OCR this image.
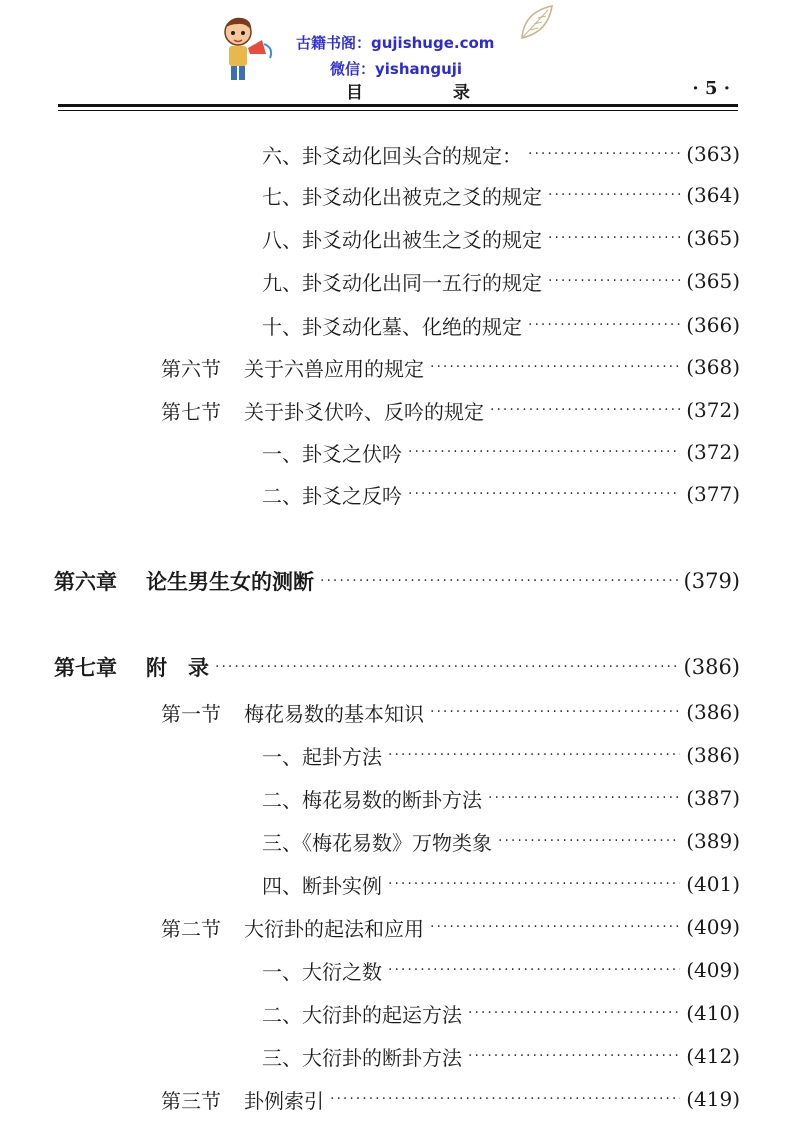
古籍书阁：gujishuge.com
微信：yishanguji
目 录	· 5 ·
六、卦爻动化回头合的规定： ·····	(363)
七、卦爻动化出被克之爻的规定 ·····	(364)
八、卦爻动化出被生之爻的规定 ·····	(365)
九、卦爻动化出同一五行的规定 ·····	(365)
十、卦爻动化墓、化绝的规定 ·····	(366)
第六节 关于六兽应用的规定 ·····	(368)
第七节 关于卦爻伏吟、反吟的规定 ·····	(372)
一、卦爻之伏吟 ·····	(372)
二、卦爻之反吟 ·····	(377)
第六章 论生男生女的测断 ·····	(379)
第七章 附　录 ·····	(386)
第一节 梅花易数的基本知识 ·····	(386)
一、起卦方法 ·····	(386)
二、梅花易数的断卦方法 ·····	(387)
三、《梅花易数》万物类象 ·····	(389)
四、断卦实例 ·····	(401)
第二节 大衍卦的起法和应用 ·····	(409)
一、大衍之数 ·····	(409)
二、大衍卦的起运方法 ·····	(410)
三、大衍卦的断卦方法 ·····	(412)
第三节 卦例索引 ·····	(419)
